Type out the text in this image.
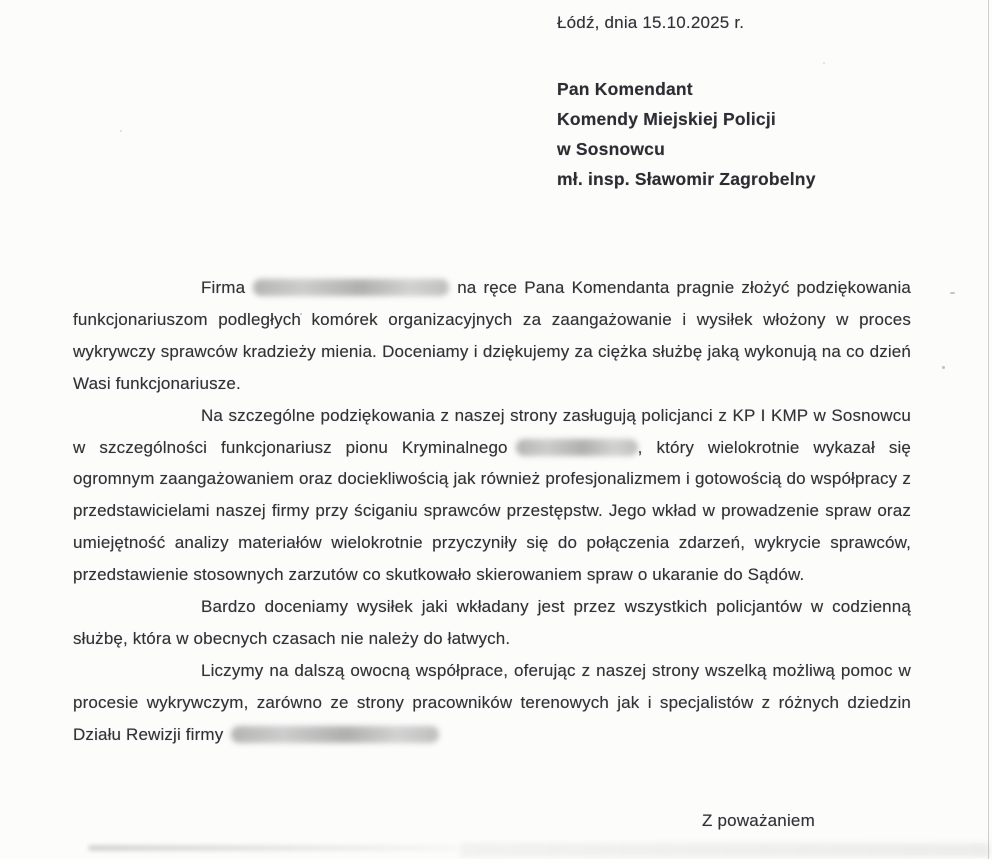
Łódź, dnia 15.10.2025 r.
Pan Komendant
Komendy Miejskiej Policji
w Sosnowcu
mł. insp. Sławomir Zagrobelny

Firma	na ręce Pana Komendanta pragnie złożyć podziękowania funkcjonariuszom podległych komórek organizacyjnych za zaangażowanie i wysiłek włożony w proces wykrywczy sprawców kradzieży mienia. Doceniamy i dziękujemy za ciężka służbę jaką wykonują na co dzień Wasi funkcjonariusze.

Na szczególne podziękowania z naszej strony zasługują policjanci z KP I KMP w Sosnowcu w szczególności funkcjonariusz pionu Kryminalnego	, który wielokrotnie wykazał się ogromnym zaangażowaniem oraz dociekliwością jak również profesjonalizmem i gotowością do współpracy z przedstawicielami naszej firmy przy ściganiu sprawców przestępstw. Jego wkład w prowadzenie spraw oraz umiejętność analizy materiałów wielokrotnie przyczyniły się do połączenia zdarzeń, wykrycie sprawców, przedstawienie stosownych zarzutów co skutkowało skierowaniem spraw o ukaranie do Sądów.

Bardzo doceniamy wysiłek jaki wkładany jest przez wszystkich policjantów w codzienną służbę, która w obecnych czasach nie należy do łatwych.

Liczymy na dalszą owocną współprace, oferując z naszej strony wszelką możliwą pomoc w procesie wykrywczym, zarówno ze strony pracowników terenowych jak i specjalistów z różnych dziedzin Działu Rewizji firmy

Z poważaniem
